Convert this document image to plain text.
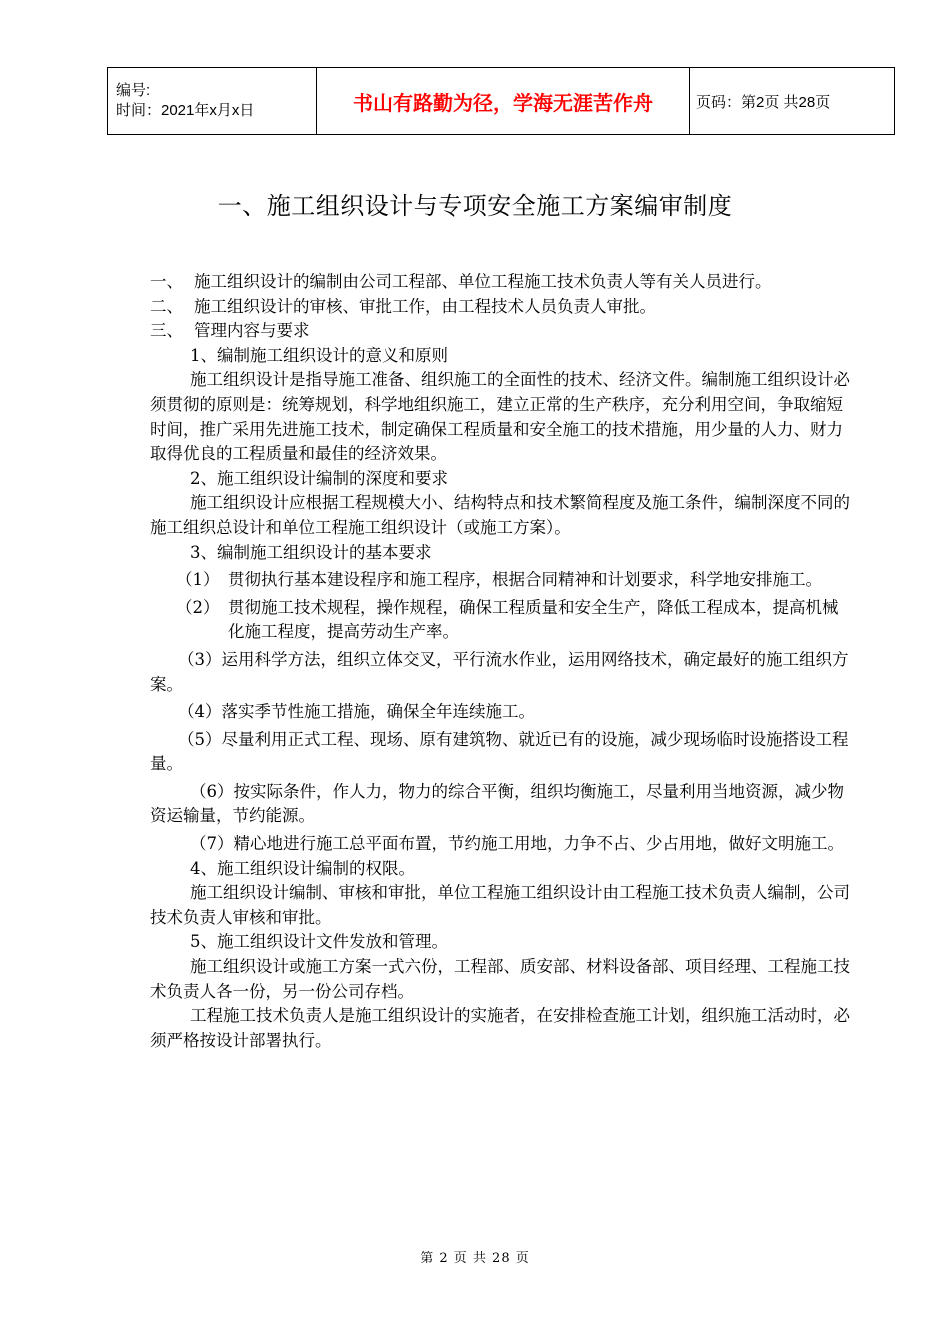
编号:
时间：2021年x月x日	书山有路勤为径，学海无涯苦作舟	页码：第2页 共28页
一、施工组织设计与专项安全施工方案编审制度

一、 施工组织设计的编制由公司工程部、单位工程施工技术负责人等有关人员进行。

二、 施工组织设计的审核、审批工作，由工程技术人员负责人审批。

三、 管理内容与要求

1、编制施工组织设计的意义和原则

施工组织设计是指导施工准备、组织施工的全面性的技术、经济文件。编制施工组织设计必须贯彻的原则是：统筹规划，科学地组织施工，建立正常的生产秩序，充分利用空间，争取缩短时间，推广采用先进施工技术，制定确保工程质量和安全施工的技术措施，用少量的人力、财力取得优良的工程质量和最佳的经济效果。

2、施工组织设计编制的深度和要求

施工组织设计应根据工程规模大小、结构特点和技术繁简程度及施工条件，编制深度不同的施工组织总设计和单位工程施工组织设计（或施工方案）。

3、编制施工组织设计的基本要求

（1） 贯彻执行基本建设程序和施工程序，根据合同精神和计划要求，科学地安排施工。
（2） 贯彻施工技术规程，操作规程，确保工程质量和安全生产，降低工程成本，提高机械化施工程度，提高劳动生产率。

（3）运用科学方法，组织立体交叉，平行流水作业，运用网络技术，确定最好的施工组织方案。

（4）落实季节性施工措施，确保全年连续施工。

（5）尽量利用正式工程、现场、原有建筑物、就近已有的设施，减少现场临时设施搭设工程量。

（6）按实际条件，作人力，物力的综合平衡，组织均衡施工，尽量利用当地资源，减少物资运输量，节约能源。

（7）精心地进行施工总平面布置，节约施工用地，力争不占、少占用地，做好文明施工。

4、施工组织设计编制的权限。

施工组织设计编制、审核和审批，单位工程施工组织设计由工程施工技术负责人编制，公司技术负责人审核和审批。

5、施工组织设计文件发放和管理。

施工组织设计或施工方案一式六份，工程部、质安部、材料设备部、项目经理、工程施工技术负责人各一份，另一份公司存档。

工程施工技术负责人是施工组织设计的实施者，在安排检查施工计划，组织施工活动时，必须严格按设计部署执行。

第 2 页 共 28 页
